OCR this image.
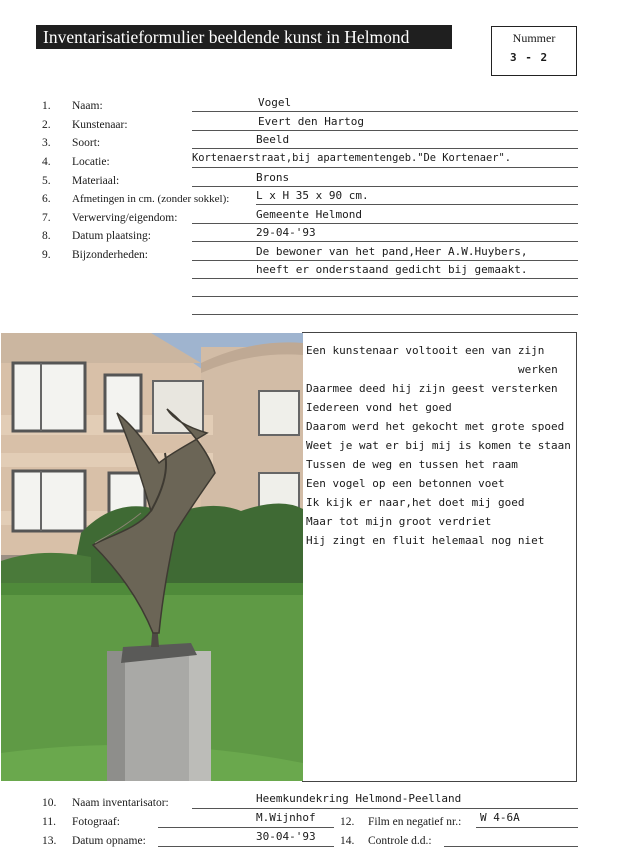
Inventarisatieformulier beeldende kunst in Helmond	Nummer
3 - 2
1. Naam:	Vogel
2. Kunstenaar:	Evert den Hartog
3. Soort:	Beeld
4. Locatie:	Kortenaerstraat,bij apartementengeb."De Kortenaer".
5. Materiaal:	Brons
6. Afmetingen in cm. (zonder sokkel): L x H 35 x 90 cm.
7. Verwerving/eigendom:	Gemeente Helmond
8. Datum plaatsing:	29-04-'93
9. Bijzonderheden:	De bewoner van het pand,Heer A.W.Huybers,
heeft er onderstaand gedicht bij gemaakt.
Een kunstenaar voltooit een van zijn
werken
Daarmee deed hij zijn geest versterken
Iedereen vond het goed
Daarom werd het gekocht met grote spoed
Weet je wat er bij mij is komen te staan
Tussen de weg en tussen het raam
Een vogel op een betonnen voet
Ik kijk er naar,het doet mij goed
Maar tot mijn groot verdriet
Hij zingt en fluit helemaal nog niet
10. Naam inventarisator:	Heemkundekring Helmond-Peelland
11. Fotograaf:	M.Wijnhof 12. Film en negatief nr.: W 4-6A
13. Datum opname:	30-04-'93 14. Controle d.d.:
